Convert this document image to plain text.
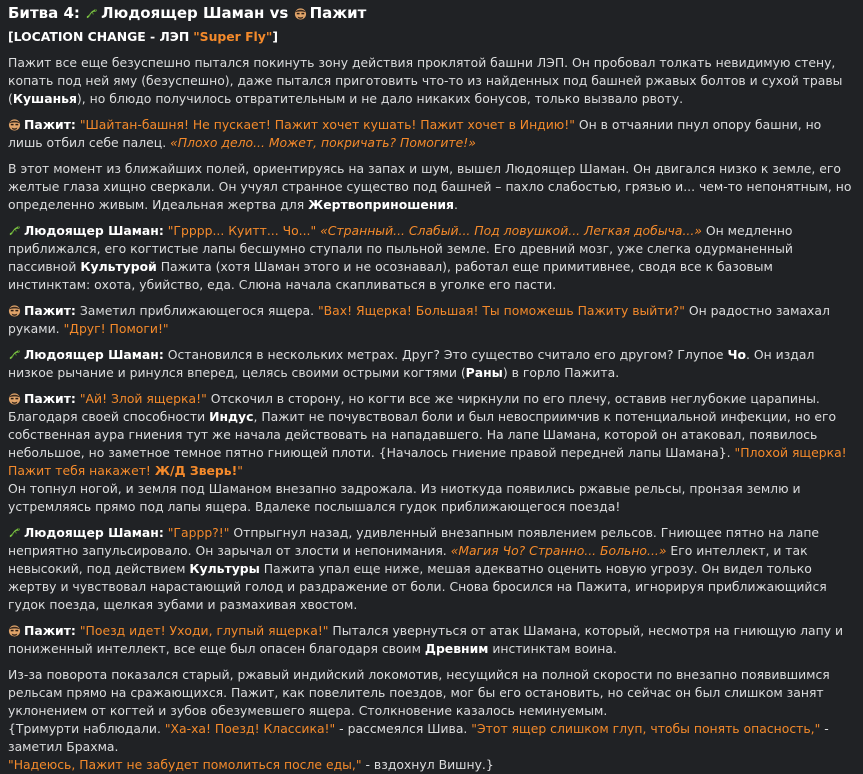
Битва 4: Людоящер Шаман vs Пажит

[LOCATION CHANGE - ЛЭП "Super Fly"]

Пажит все еще безуспешно пытался покинуть зону действия проклятой башни ЛЭП. Он пробовал толкать невидимую стену, копать под ней яму (безуспешно), даже пытался приготовить что-то из найденных под башней ржавых болтов и сухой травы (Кушанья), но блюдо получилось отвратительным и не дало никаких бонусов, только вызвало рвоту.

Пажит: "Шайтан-башня! Не пускает! Пажит хочет кушать! Пажит хочет в Индию!" Он в отчаянии пнул опору башни, но лишь отбил себе палец. «Плохо дело... Может, покричать? Помогите!»

В этот момент из ближайших полей, ориентируясь на запах и шум, вышел Людоящер Шаман. Он двигался низко к земле, его желтые глаза хищно сверкали. Он учуял странное существо под башней – пахло слабостью, грязью и... чем-то непонятным, но определенно живым. Идеальная жертва для Жертвоприношения.

Людоящер Шаман: "Грррр... Куитт... Чо..." «Странный... Слабый... Под ловушкой... Легкая добыча...» Он медленно приближался, его когтистые лапы бесшумно ступали по пыльной земле. Его древний мозг, уже слегка одурманенный пассивной Культурой Пажита (хотя Шаман этого и не осознавал), работал еще примитивнее, сводя все к базовым инстинктам: охота, убийство, еда. Слюна начала скапливаться в уголке его пасти.

Пажит: Заметил приближающегося ящера. "Вах! Ящерка! Большая! Ты поможешь Пажиту выйти?" Он радостно замахал руками. "Друг! Помоги!"

Людоящер Шаман: Остановился в нескольких метрах. Друг? Это существо считало его другом? Глупое Чо. Он издал низкое рычание и ринулся вперед, целясь своими острыми когтями (Раны) в горло Пажита.

Пажит: "Ай! Злой ящерка!" Отскочил в сторону, но когти все же чиркнули по его плечу, оставив неглубокие царапины. Благодаря своей способности Индус, Пажит не почувствовал боли и был невосприимчив к потенциальной инфекции, но его собственная аура гниения тут же начала действовать на нападавшего. На лапе Шамана, которой он атаковал, появилось небольшое, но заметное темное пятно гниющей плоти. {Началось гниение правой передней лапы Шамана}. "Плохой ящерка! Пажит тебя накажет! Ж/Д Зверь!"
Он топнул ногой, и земля под Шаманом внезапно задрожала. Из ниоткуда появились ржавые рельсы, пронзая землю и устремляясь прямо под лапы ящера. Вдалеке послышался гудок приближающегося поезда!

Людоящер Шаман: "Гаррр?!" Отпрыгнул назад, удивленный внезапным появлением рельсов. Гниющее пятно на лапе неприятно запульсировало. Он зарычал от злости и непонимания. «Магия Чо? Странно... Больно...» Его интеллект, и так невысокий, под действием Культуры Пажита упал еще ниже, мешая адекватно оценить новую угрозу. Он видел только жертву и чувствовал нарастающий голод и раздражение от боли. Снова бросился на Пажита, игнорируя приближающийся гудок поезда, щелкая зубами и размахивая хвостом.

Пажит: "Поезд идет! Уходи, глупый ящерка!" Пытался увернуться от атак Шамана, который, несмотря на гниющую лапу и пониженный интеллект, все еще был опасен благодаря своим Древним инстинктам воина.

Из-за поворота показался старый, ржавый индийский локомотив, несущийся на полной скорости по внезапно появившимся рельсам прямо на сражающихся. Пажит, как повелитель поездов, мог бы его остановить, но сейчас он был слишком занят уклонением от когтей и зубов обезумевшего ящера. Столкновение казалось неминуемым.
{Тримурти наблюдали. "Ха-ха! Поезд! Классика!" - рассмеялся Шива. "Этот ящер слишком глуп, чтобы понять опасность," - заметил Брахма.
"Надеюсь, Пажит не забудет помолиться после еды," - вздохнул Вишну.}
